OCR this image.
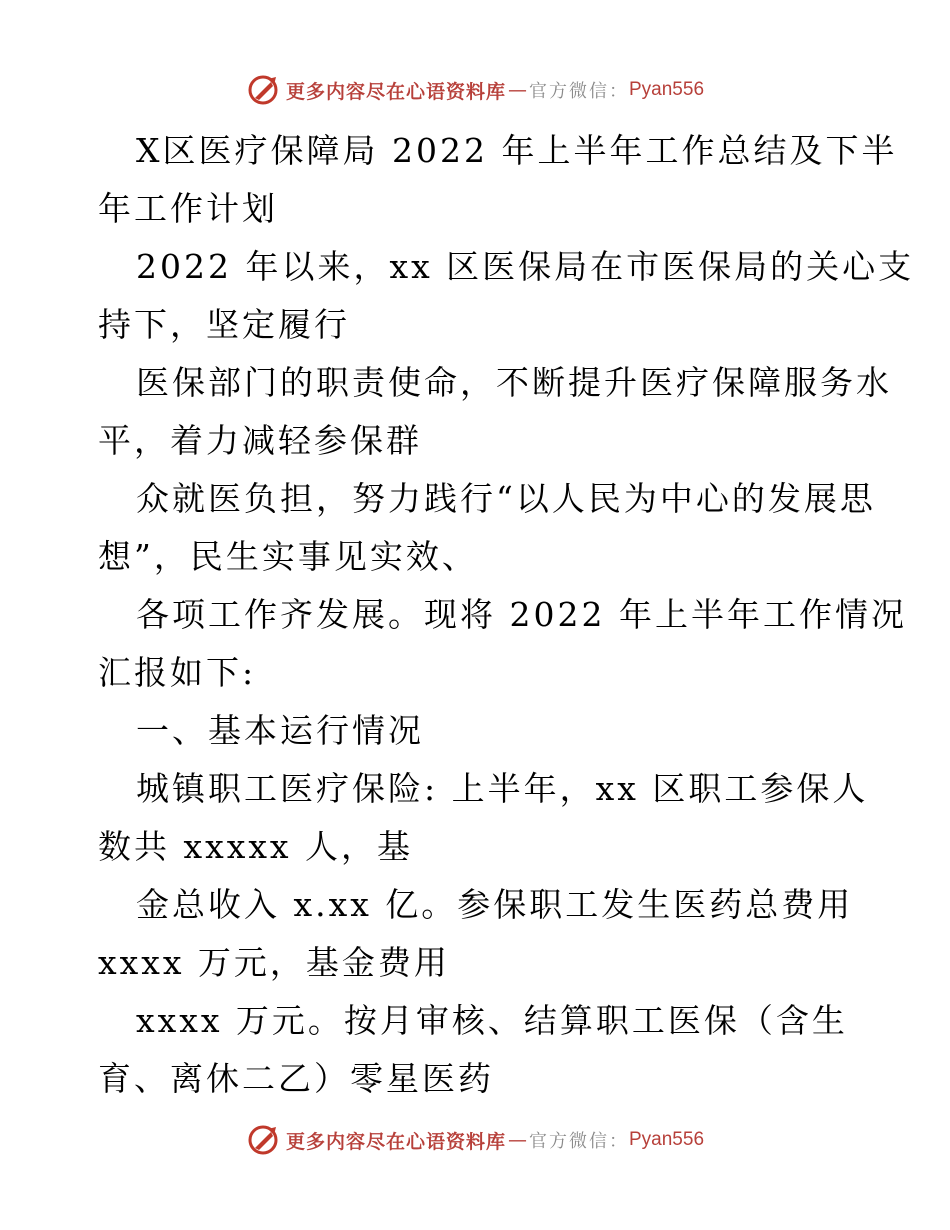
更多内容尽在心语资料库 — 官方微信： Pyan556
X区医疗保障局 2022 年上半年工作总结及下半
年工作计划
2022 年以来，xx 区医保局在市医保局的关心支
持下，坚定履行
医保部门的职责使命，不断提升医疗保障服务水
平，着力减轻参保群
众就医负担，努力践行“以人民为中心的发展思
想”，民生实事见实效、
各项工作齐发展。现将 2022 年上半年工作情况
汇报如下:
一、基本运行情况
城镇职工医疗保险: 上半年，xx 区职工参保人
数共 xxxxx 人，基
金总收入 x.xx 亿。参保职工发生医药总费用
xxxx 万元，基金费用
xxxx 万元。按月审核、结算职工医保（含生
育、离休二乙）零星医药
更多内容尽在心语资料库 — 官方微信： Pyan556
